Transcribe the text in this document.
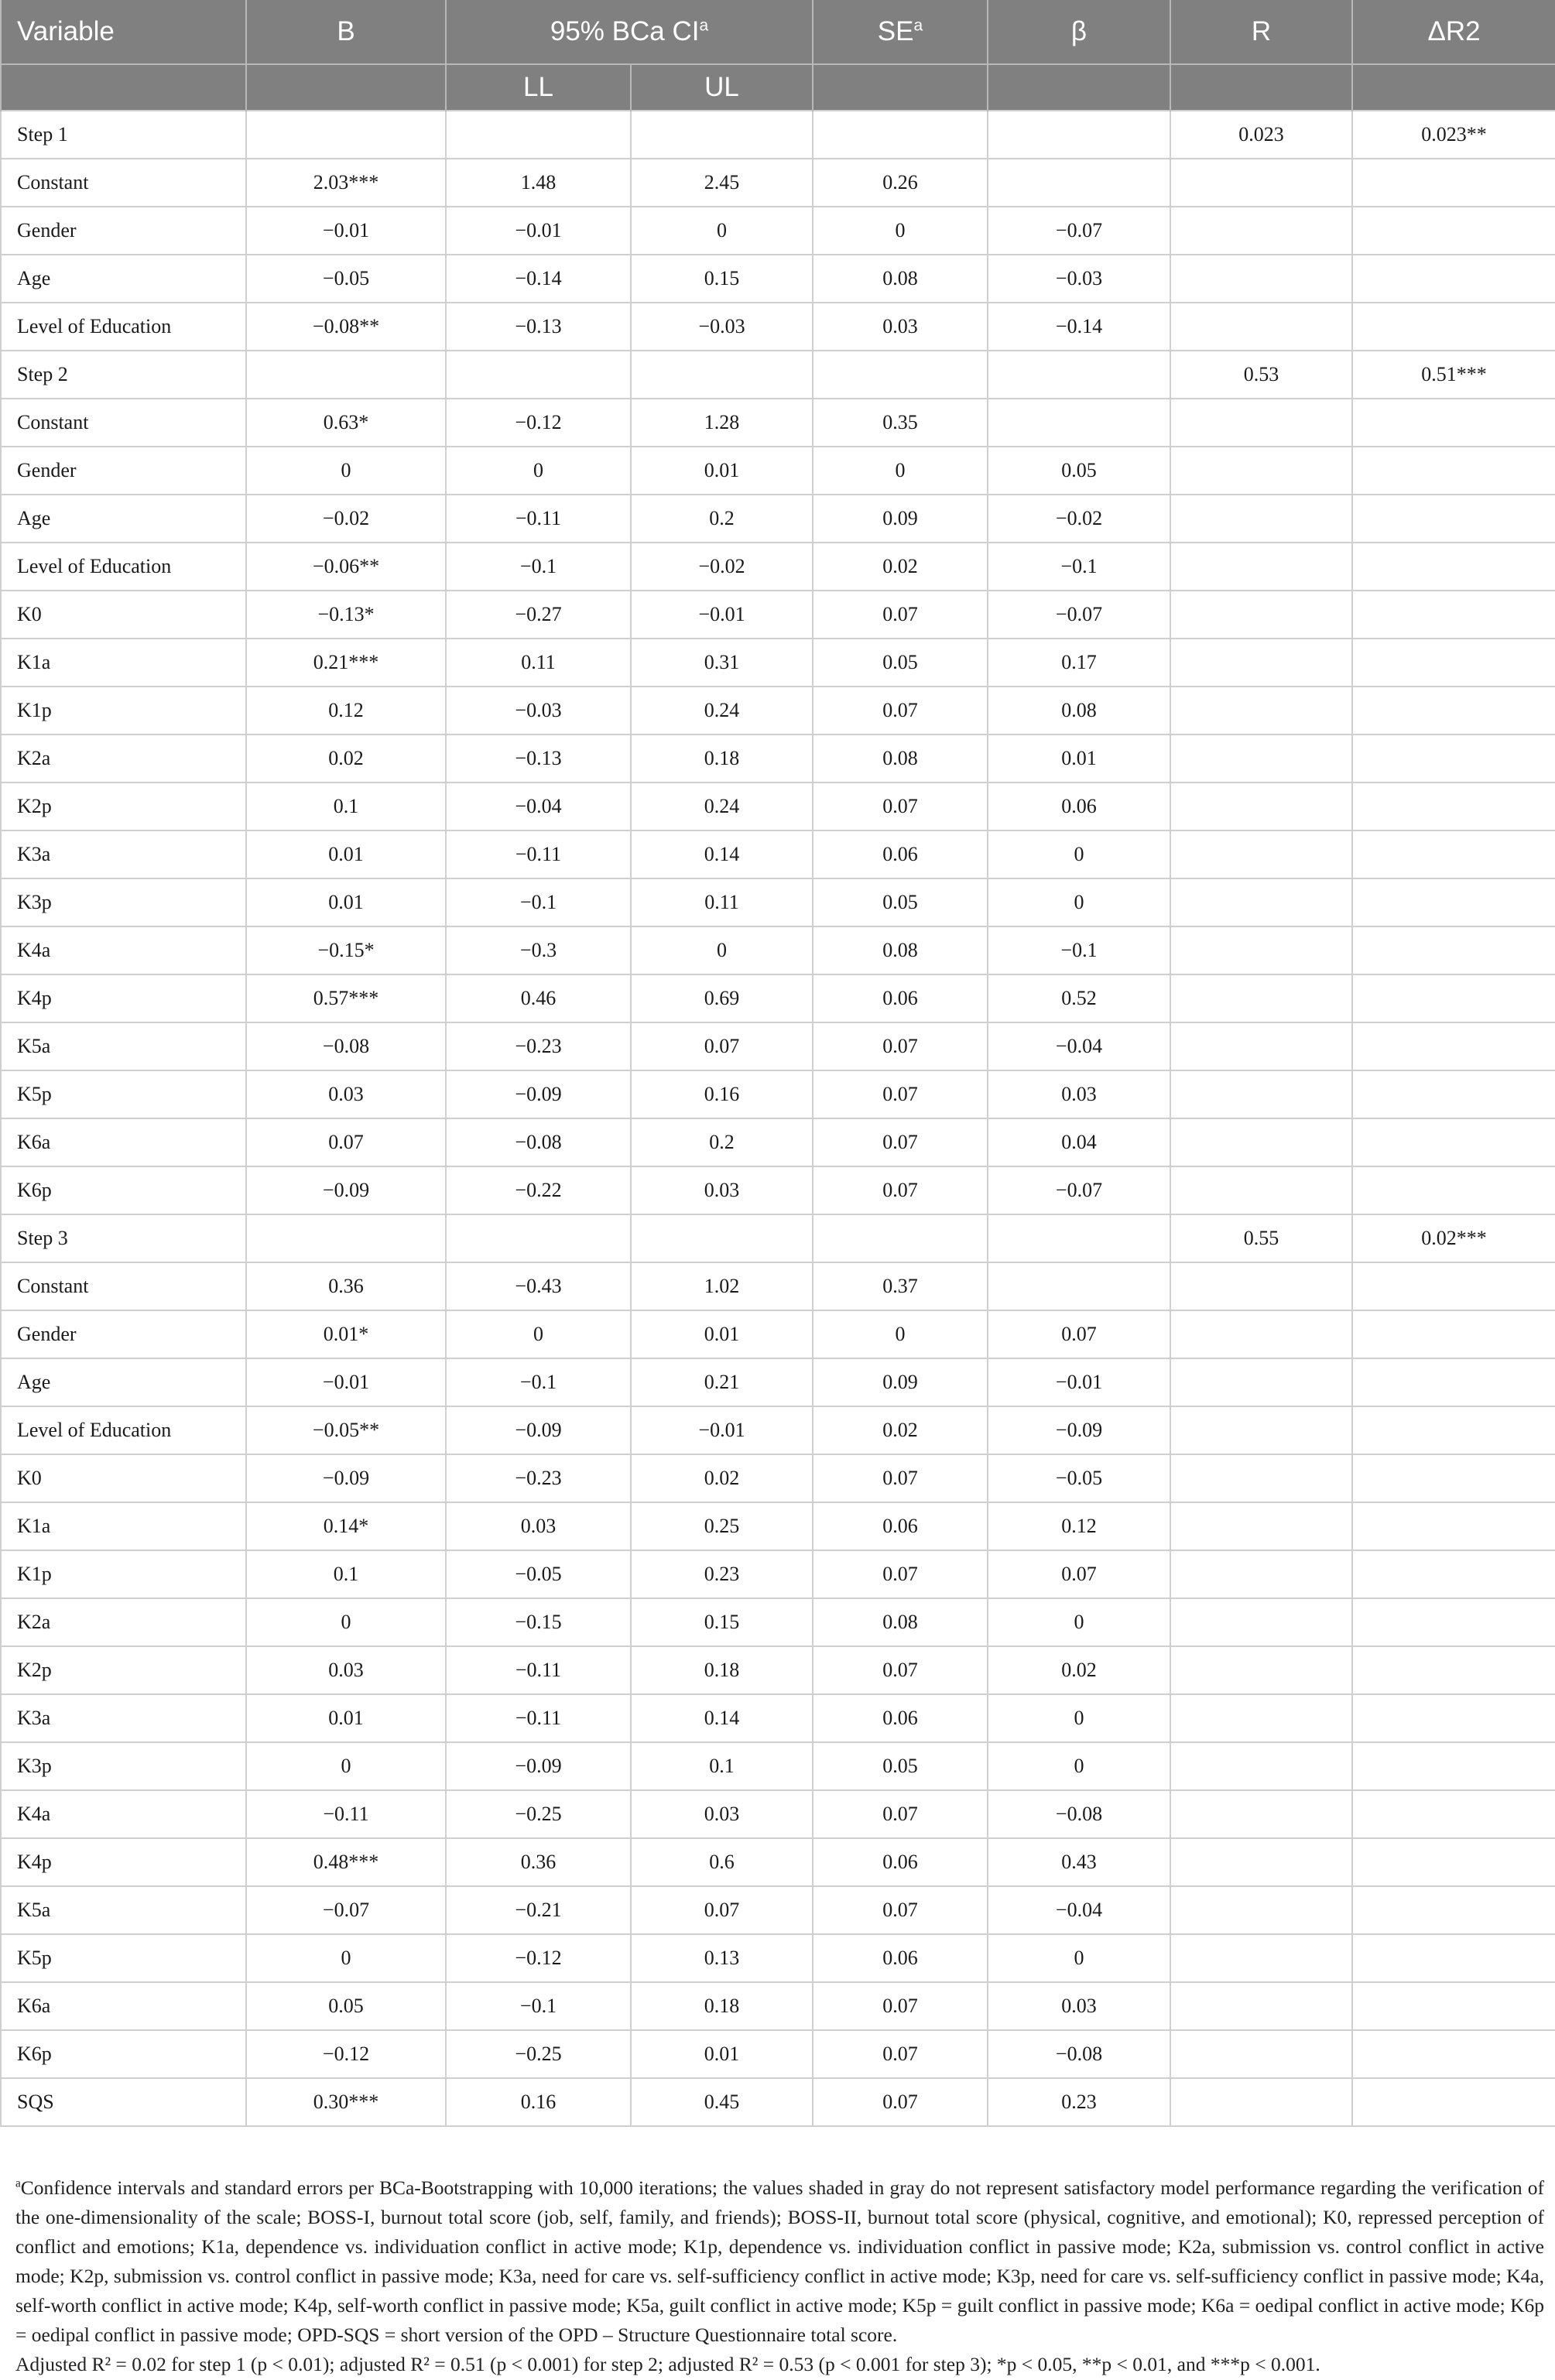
Variable	B	95% BCa $CI^a$		$SE^a$	β	R	ΔR2
		LL	UL				
Step 1						0.023	0.023**
Constant	2.03***	1.48	2.45	0.26			
Gender	−0.01	−0.01	0	0	−0.07		
Age	−0.05	−0.14	0.15	0.08	−0.03		
Level of Education	−0.08**	−0.13	−0.03	0.03	−0.14		
Step 2						0.53	0.51***
Constant	0.63*	−0.12	1.28	0.35			
Gender	0	0	0.01	0	0.05		
Age	−0.02	−0.11	0.2	0.09	−0.02		
Level of Education	−0.06**	−0.1	−0.02	0.02	−0.1		
K0	−0.13*	−0.27	−0.01	0.07	−0.07		
K1a	0.21***	0.11	0.31	0.05	0.17		
K1p	0.12	−0.03	0.24	0.07	0.08		
K2a	0.02	−0.13	0.18	0.08	0.01		
K2p	0.1	−0.04	0.24	0.07	0.06		
K3a	0.01	−0.11	0.14	0.06	0		
K3p	0.01	−0.1	0.11	0.05	0		
K4a	−0.15*	−0.3	0	0.08	−0.1		
K4p	0.57***	0.46	0.69	0.06	0.52		
K5a	−0.08	−0.23	0.07	0.07	−0.04		
K5p	0.03	−0.09	0.16	0.07	0.03		
K6a	0.07	−0.08	0.2	0.07	0.04		
K6p	−0.09	−0.22	0.03	0.07	−0.07		
Step 3						0.55	0.02***
Constant	0.36	−0.43	1.02	0.37			
Gender	0.01*	0	0.01	0	0.07		
Age	−0.01	−0.1	0.21	0.09	−0.01		
Level of Education	−0.05**	−0.09	−0.01	0.02	−0.09		
K0	−0.09	−0.23	0.02	0.07	−0.05		
K1a	0.14*	0.03	0.25	0.06	0.12		
K1p	0.1	−0.05	0.23	0.07	0.07		
K2a	0	−0.15	0.15	0.08	0		
K2p	0.03	−0.11	0.18	0.07	0.02		
K3a	0.01	−0.11	0.14	0.06	0		
K3p	0	−0.09	0.1	0.05	0		
K4a	−0.11	−0.25	0.03	0.07	−0.08		
K4p	0.48***	0.36	0.6	0.06	0.43		
K5a	−0.07	−0.21	0.07	0.07	−0.04		
K5p	0	−0.12	0.13	0.06	0		
K6a	0.05	−0.1	0.18	0.07	0.03		
K6p	−0.12	−0.25	0.01	0.07	−0.08		
SQS	0.30***	0.16	0.45	0.07	0.23		

$^a$Confidence intervals and standard errors per BCa-Bootstrapping with 10,000 iterations; the values shaded in gray do not represent satisfactory model performance regarding the verification of the one-dimensionality of the scale; BOSS-I, burnout total score (job, self, family, and friends); BOSS-II, burnout total score (physical, cognitive, and emotional); K0, repressed perception of conflict and emotions; K1a, dependence vs. individuation conflict in active mode; K1p, dependence vs. individuation conflict in passive mode; K2a, submission vs. control conflict in active mode; K2p, submission vs. control conflict in passive mode; K3a, need for care vs. self-sufficiency conflict in active mode; K3p, need for care vs. self-sufficiency conflict in passive mode; K4a, self-worth conflict in active mode; K4p, self-worth conflict in passive mode; K5a, guilt conflict in active mode; K5p = guilt conflict in passive mode; K6a = oedipal conflict in active mode; K6p = oedipal conflict in passive mode; OPD-SQS = short version of the OPD – Structure Questionnaire total score.

Adjusted R² = 0.02 for step 1 (p < 0.01); adjusted R² = 0.51 (p < 0.001) for step 2; adjusted R² = 0.53 (p < 0.001 for step 3); *p < 0.05, **p < 0.01, and ***p < 0.001.
